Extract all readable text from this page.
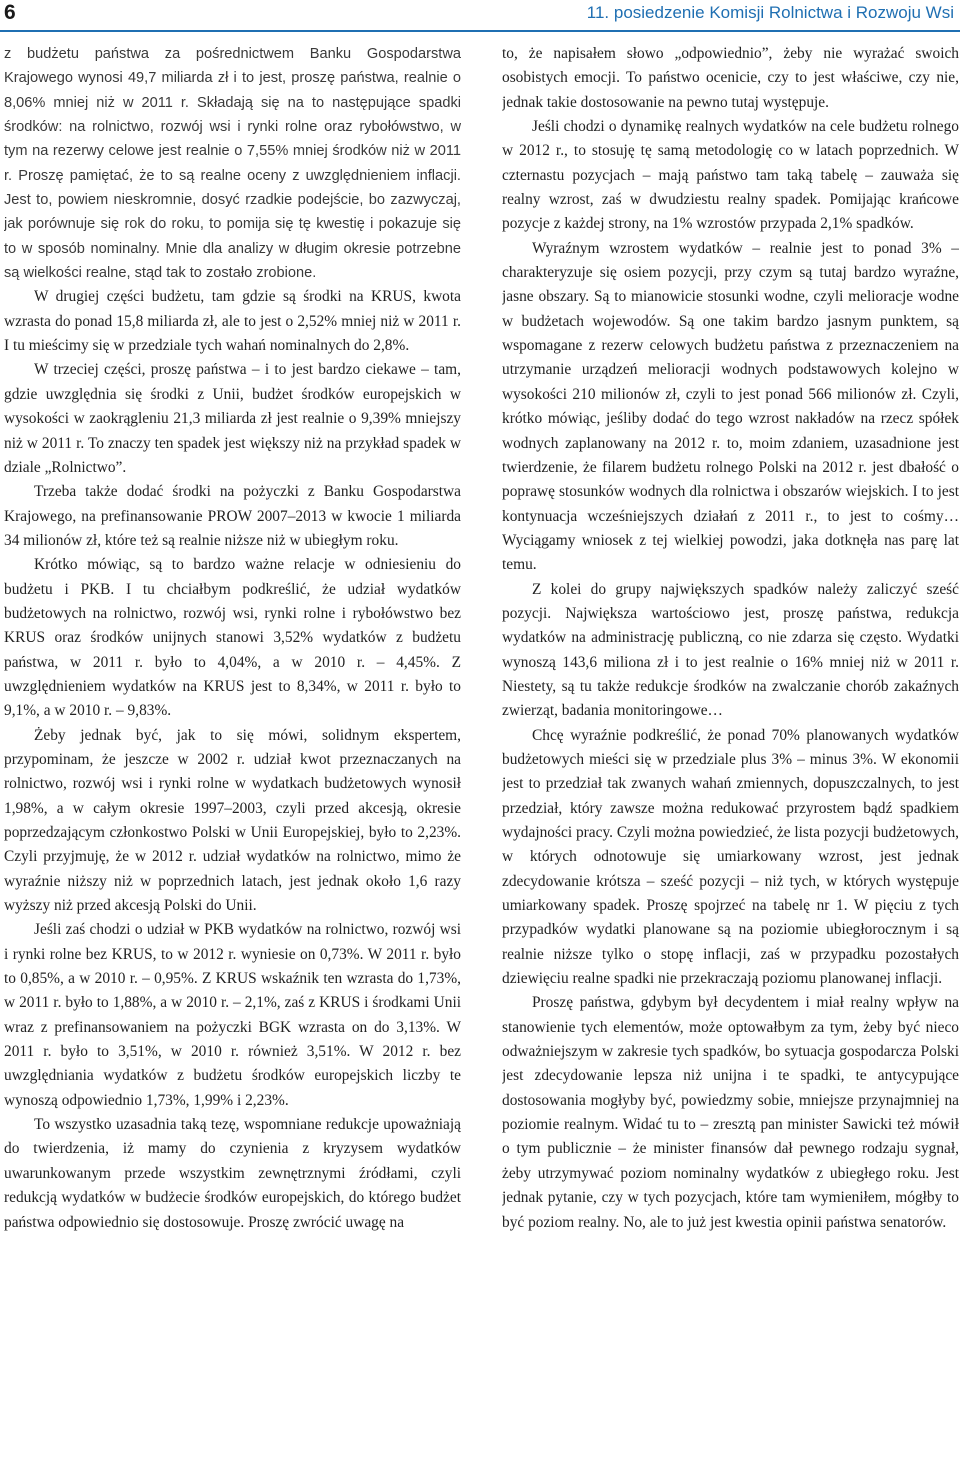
6	11. posiedzenie Komisji Rolnictwa i Rozwoju Wsi

z budżetu państwa za pośrednictwem Banku Gospodarstwa Krajowego wynosi 49,7 miliarda zł i to jest, proszę państwa, realnie o 8,06% mniej niż w 2011 r. Składają się na to następujące spadki środków: na rolnictwo, rozwój wsi i rynki rolne oraz rybołówstwo, w tym na rezerwy celowe jest realnie o 7,55% mniej środków niż w 2011 r. Proszę pamiętać, że to są realne oceny z uwzględnieniem inflacji. Jest to, powiem nieskromnie, dosyć rzadkie podejście, bo zazwyczaj, jak porównuje się rok do roku, to pomija się tę kwestię i pokazuje się to w sposób nominalny. Mnie dla analizy w długim okresie potrzebne są wielkości realne, stąd tak to zostało zrobione.

W drugiej części budżetu, tam gdzie są środki na KRUS, kwota wzrasta do ponad 15,8 miliarda zł, ale to jest o 2,52% mniej niż w 2011 r. I tu mieścimy się w przedziale tych wahań nominalnych do 2,8%.

W trzeciej części, proszę państwa – i to jest bardzo ciekawe – tam, gdzie uwzględnia się środki z Unii, budżet środków europejskich w wysokości w zaokrągleniu 21,3 miliarda zł jest realnie o 9,39% mniejszy niż w 2011 r. To znaczy ten spadek jest większy niż na przykład spadek w dziale „Rolnictwo”.

Trzeba także dodać środki na pożyczki z Banku Gospodarstwa Krajowego, na prefinansowanie PROW 2007–2013 w kwocie 1 miliarda 34 milionów zł, które też są realnie niższe niż w ubiegłym roku.

Krótko mówiąc, są to bardzo ważne relacje w odniesieniu do budżetu i PKB. I tu chciałbym podkreślić, że udział wydatków budżetowych na rolnictwo, rozwój wsi, rynki rolne i rybołówstwo bez KRUS oraz środków unijnych stanowi 3,52% wydatków z budżetu państwa, w 2011 r. było to 4,04%, a w 2010 r. – 4,45%. Z uwzględnieniem wydatków na KRUS jest to 8,34%, w 2011 r. było to 9,1%, a w 2010 r. – 9,83%.

Żeby jednak być, jak to się mówi, solidnym ekspertem, przypominam, że jeszcze w 2002 r. udział kwot przeznaczanych na rolnictwo, rozwój wsi i rynki rolne w wydatkach budżetowych wynosił 1,98%, a w całym okresie 1997–2003, czyli przed akcesją, okresie poprzedzającym członkostwo Polski w Unii Europejskiej, było to 2,23%. Czyli przyjmuję, że w 2012 r. udział wydatków na rolnictwo, mimo że wyraźnie niższy niż w poprzednich latach, jest jednak około 1,6 razy wyższy niż przed akcesją Polski do Unii.

Jeśli zaś chodzi o udział w PKB wydatków na rolnictwo, rozwój wsi i rynki rolne bez KRUS, to w 2012 r. wyniesie on 0,73%. W 2011 r. było to 0,85%, a w 2010 r. – 0,95%. Z KRUS wskaźnik ten wzrasta do 1,73%, w 2011 r. było to 1,88%, a w 2010 r. – 2,1%, zaś z KRUS i środkami Unii wraz z prefinansowaniem na pożyczki BGK wzrasta on do 3,13%. W 2011 r. było to 3,51%, w 2010 r. również 3,51%. W 2012 r. bez uwzględniania wydatków z budżetu środków europejskich liczby te wynoszą odpowiednio 1,73%, 1,99% i 2,23%.

To wszystko uzasadnia taką tezę, wspomniane redukcje upoważniają do twierdzenia, iż mamy do czynienia z kryzysem wydatków uwarunkowanym przede wszystkim zewnętrznymi źródłami, czyli redukcją wydatków w budżecie środków europejskich, do którego budżet państwa odpowiednio się dostosowuje. Proszę zwrócić uwagę na

to, że napisałem słowo „odpowiednio”, żeby nie wyrażać swoich osobistych emocji. To państwo ocenicie, czy to jest właściwe, czy nie, jednak takie dostosowanie na pewno tutaj występuje.

Jeśli chodzi o dynamikę realnych wydatków na cele budżetu rolnego w 2012 r., to stosuję tę samą metodologię co w latach poprzednich. W czternastu pozycjach – mają państwo tam taką tabelę – zauważa się realny wzrost, zaś w dwudziestu realny spadek. Pomijając krańcowe pozycje z każdej strony, na 1% wzrostów przypada 2,1% spadków.

Wyraźnym wzrostem wydatków – realnie jest to ponad 3% – charakteryzuje się osiem pozycji, przy czym są tutaj bardzo wyraźne, jasne obszary. Są to mianowicie stosunki wodne, czyli melioracje wodne w budżetach wojewodów. Są one takim bardzo jasnym punktem, są wspomagane z rezerw celowych budżetu państwa z przeznaczeniem na utrzymanie urządzeń melioracji wodnych podstawowych kolejno w wysokości 210 milionów zł, czyli to jest ponad 566 milionów zł. Czyli, krótko mówiąc, jeśliby dodać do tego wzrost nakładów na rzecz spółek wodnych zaplanowany na 2012 r. to, moim zdaniem, uzasadnione jest twierdzenie, że filarem budżetu rolnego Polski na 2012 r. jest dbałość o poprawę stosunków wodnych dla rolnictwa i obszarów wiejskich. I to jest kontynuacja wcześniejszych działań z 2011 r., to jest to cośmy… Wyciągamy wniosek z tej wielkiej powodzi, jaka dotknęła nas parę lat temu.

Z kolei do grupy największych spadków należy zaliczyć sześć pozycji. Największa wartościowo jest, proszę państwa, redukcja wydatków na administrację publiczną, co nie zdarza się często. Wydatki wynoszą 143,6 miliona zł i to jest realnie o 16% mniej niż w 2011 r. Niestety, są tu także redukcje środków na zwalczanie chorób zakaźnych zwierząt, badania monitoringowe…

Chcę wyraźnie podkreślić, że ponad 70% planowanych wydatków budżetowych mieści się w przedziale plus 3% – minus 3%. W ekonomii jest to przedział tak zwanych wahań zmiennych, dopuszczalnych, to jest przedział, który zawsze można redukować przyrostem bądź spadkiem wydajności pracy. Czyli można powiedzieć, że lista pozycji budżetowych, w których odnotowuje się umiarkowany wzrost, jest jednak zdecydowanie krótsza – sześć pozycji – niż tych, w których występuje umiarkowany spadek. Proszę spojrzeć na tabelę nr 1. W pięciu z tych przypadków wydatki planowane są na poziomie ubiegłorocznym i są realnie niższe tylko o stopę inflacji, zaś w przypadku pozostałych dziewięciu realne spadki nie przekraczają poziomu planowanej inflacji.

Proszę państwa, gdybym był decydentem i miał realny wpływ na stanowienie tych elementów, może optowałbym za tym, żeby być nieco odważniejszym w zakresie tych spadków, bo sytuacja gospodarcza Polski jest zdecydowanie lepsza niż unijna i te spadki, te antycypujące dostosowania mogłyby być, powiedzmy sobie, mniejsze przynajmniej na poziomie realnym. Widać tu to – zresztą pan minister Sawicki też mówił o tym publicznie – że minister finansów dał pewnego rodzaju sygnał, żeby utrzymywać poziom nominalny wydatków z ubiegłego roku. Jest jednak pytanie, czy w tych pozycjach, które tam wymieniłem, mógłby to być poziom realny. No, ale to już jest kwestia opinii państwa senatorów.
